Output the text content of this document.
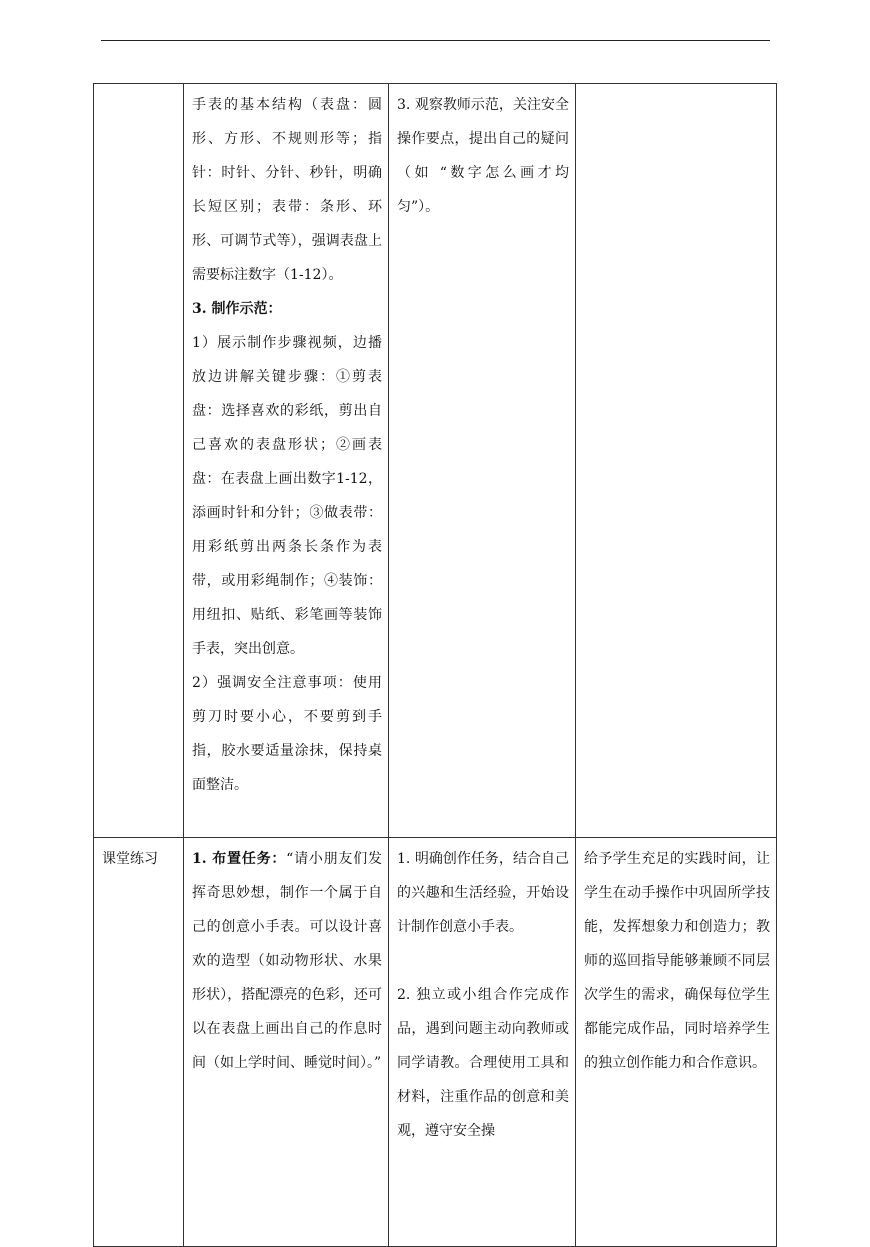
	手表的基本结构（表盘：圆形、方形、不规则形等；指针：时针、分针、秒针，明确长短区别；表带：条形、环形、可调节式等），强调表盘上需要标注数字（1-12）。

3. 制作示范：

1）展示制作步骤视频，边播放边讲解关键步骤：①剪表盘：选择喜欢的彩纸，剪出自己喜欢的表盘形状；②画表盘：在表盘上画出数字1-12，添画时针和分针；③做表带：用彩纸剪出两条长条作为表带，或用彩绳制作；④装饰：用纽扣、贴纸、彩笔画等装饰手表，突出创意。

2）强调安全注意事项：使用剪刀时要小心，不要剪到手指，胶水要适量涂抹，保持桌面整洁。	3. 观察教师示范，关注安全操作要点，提出自己的疑问（如 “数字怎么画才均匀”）。	

课堂练习	1. 布置任务：“请小朋友们发挥奇思妙想，制作一个属于自己的创意小手表。可以设计喜欢的造型（如动物形状、水果形状），搭配漂亮的色彩，还可以在表盘上画出自己的作息时间（如上学时间、睡觉时间）。”	1. 明确创作任务，结合自己的兴趣和生活经验，开始设计制作创意小手表。

2. 独立或小组合作完成作品，遇到问题主动向教师或同学请教。合理使用工具和材料，注重作品的创意和美观，遵守安全操	给予学生充足的实践时间，让学生在动手操作中巩固所学技能，发挥想象力和创造力；教师的巡回指导能够兼顾不同层次学生的需求，确保每位学生都能完成作品，同时培养学生的独立创作能力和合作意识。
